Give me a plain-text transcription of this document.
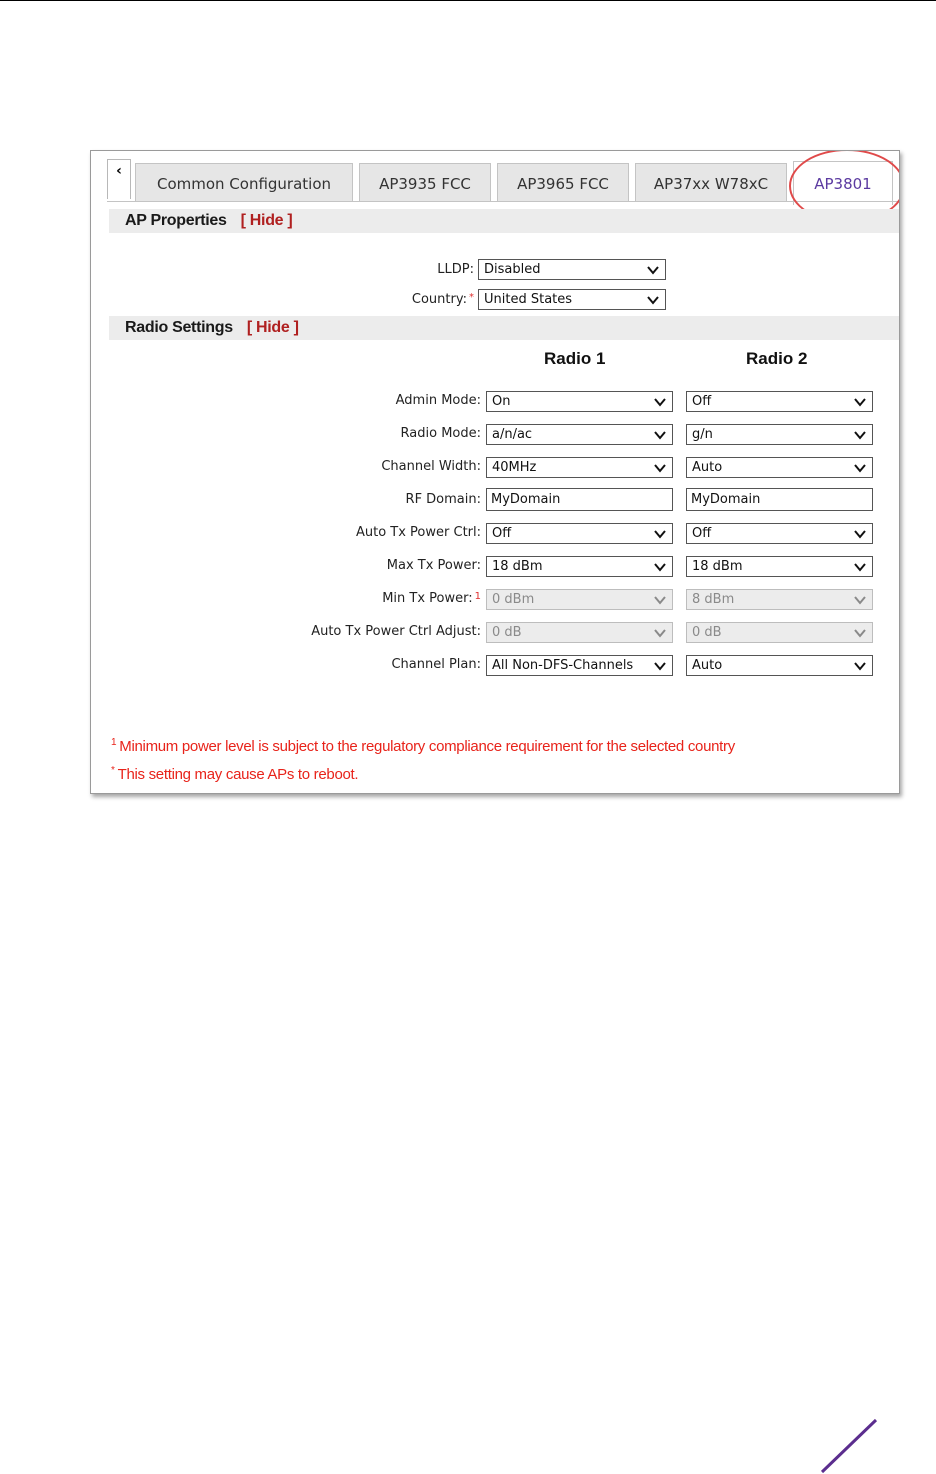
‹
Common Configuration	AP3935 FCC	AP3965 FCC	AP37xx W78xC	AP3801
AP Properties [ Hide ]
LLDP: Disabled
Country: * United States
Radio Settings [ Hide ]
Radio 1	Radio 2
Admin Mode: On	Off
Radio Mode: a/n/ac	g/n
Channel Width: 40MHz	Auto
RF Domain: MyDomain	MyDomain
Auto Tx Power Ctrl: Off	Off
Max Tx Power: 18 dBm	18 dBm
Min Tx Power: $^1$ 0 dBm	8 dBm
Auto Tx Power Ctrl Adjust: 0 dB	0 dB
Channel Plan: All Non-DFS-Channels	Auto
$^1$ Minimum power level is subject to the regulatory compliance requirement for the selected country
* This setting may cause APs to reboot.
